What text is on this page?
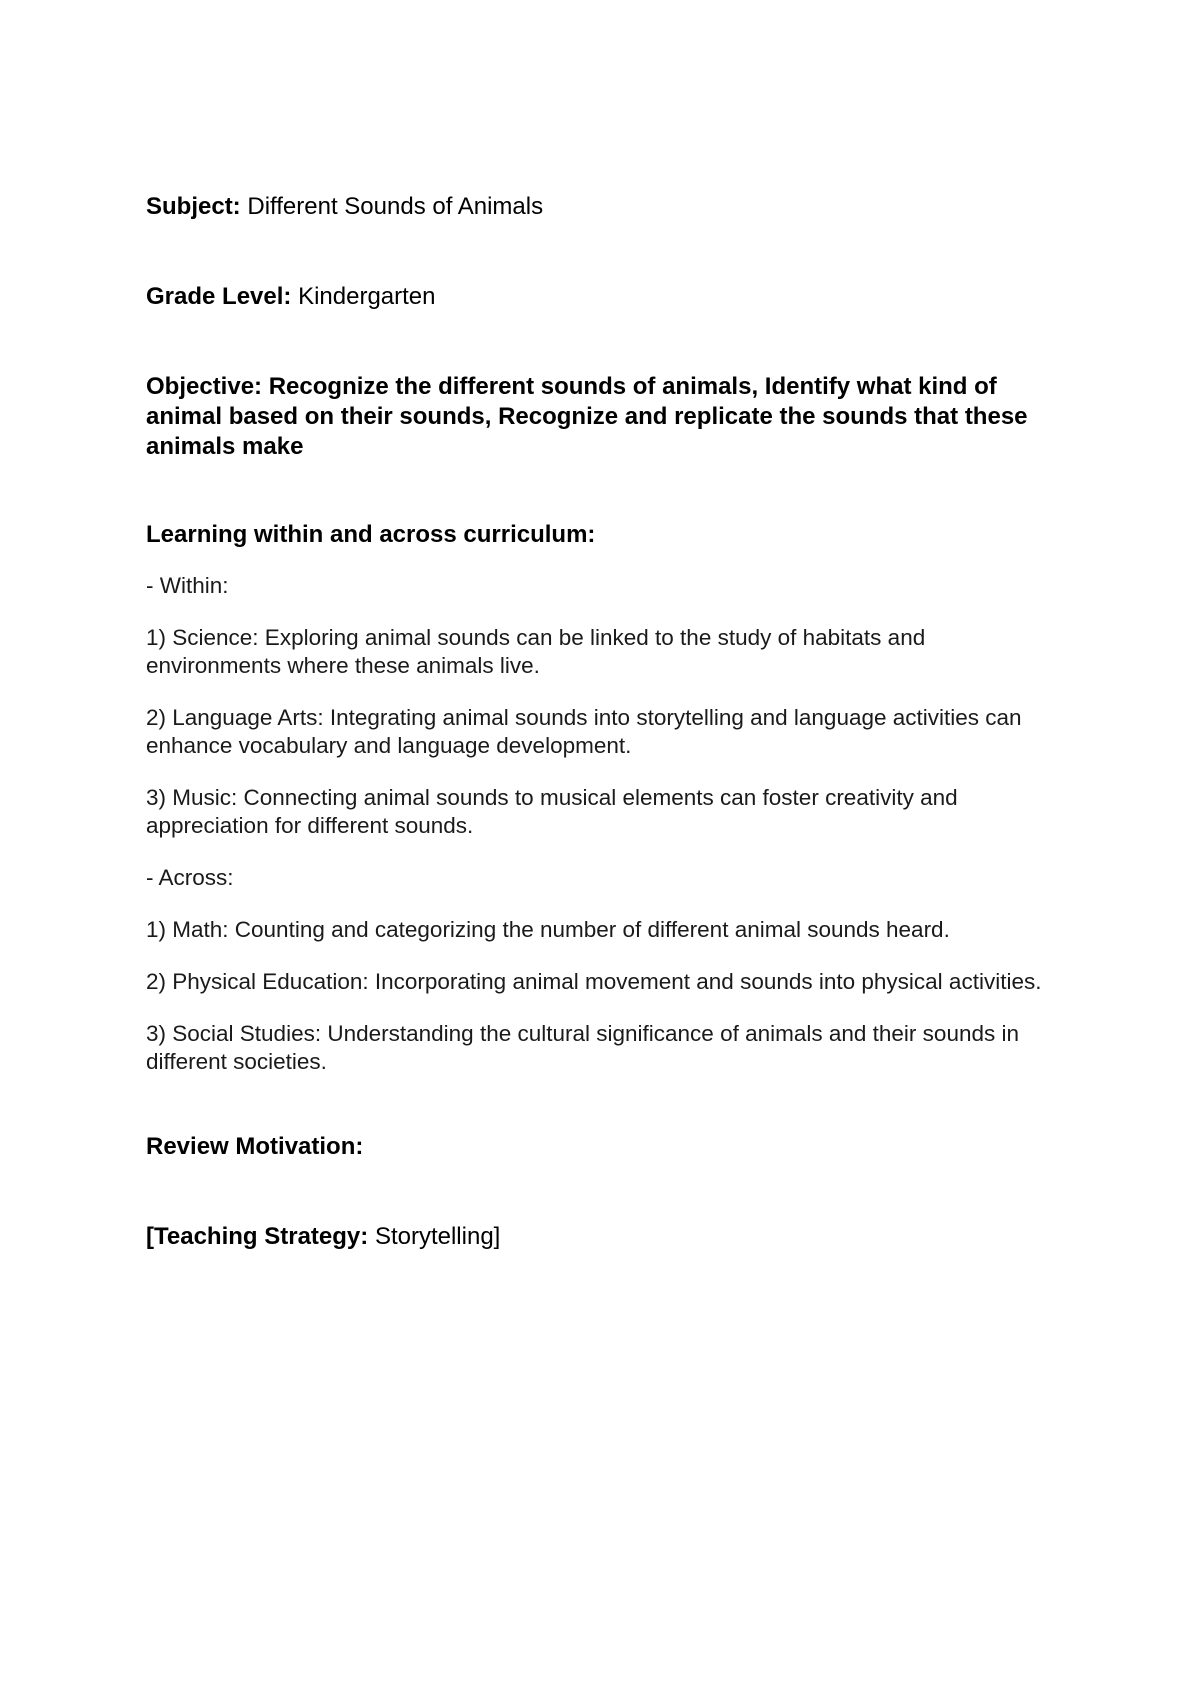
Subject: Different Sounds of Animals

Grade Level: Kindergarten

Objective: Recognize the different sounds of animals, Identify what kind of animal based on their sounds, Recognize and replicate the sounds that these animals make

Learning within and across curriculum:

- Within:

1) Science: Exploring animal sounds can be linked to the study of habitats and environments where these animals live.

2) Language Arts: Integrating animal sounds into storytelling and language activities can enhance vocabulary and language development.

3) Music: Connecting animal sounds to musical elements can foster creativity and appreciation for different sounds.

- Across:

1) Math: Counting and categorizing the number of different animal sounds heard.

2) Physical Education: Incorporating animal movement and sounds into physical activities.

3) Social Studies: Understanding the cultural significance of animals and their sounds in different societies.

Review Motivation:

[Teaching Strategy: Storytelling]
